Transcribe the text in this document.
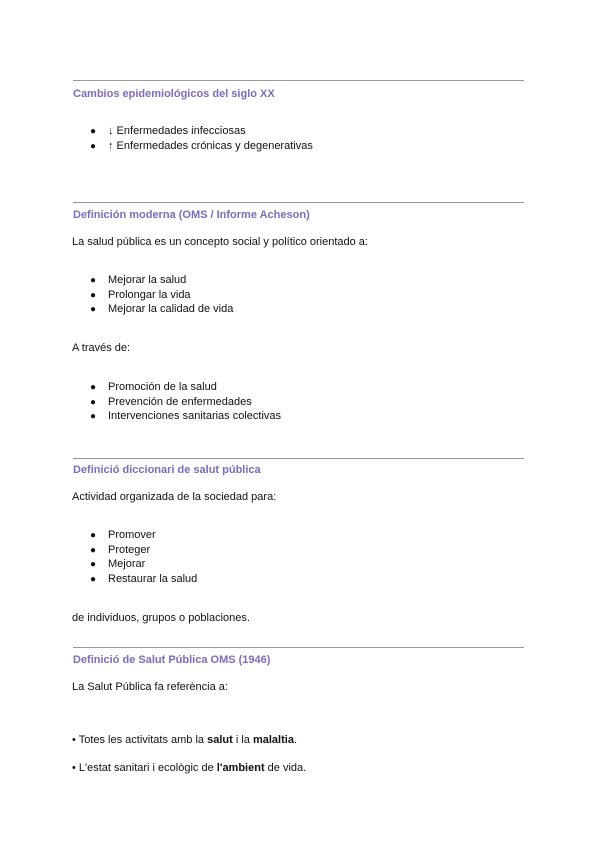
Cambios epidemiológicos del siglo XX
● ↓ Enfermedades infecciosas
● ↑ Enfermedades crónicas y degenerativas
Definición moderna (OMS / Informe Acheson)
La salud pública es un concepto social y político orientado a:
● Mejorar la salud
● Prolongar la vida
● Mejorar la calidad de vida
A través de:
● Promoción de la salud
● Prevención de enfermedades
● Intervenciones sanitarias colectivas
Definició diccionari de salut pública
Actividad organizada de la sociedad para:
● Promover
● Proteger
● Mejorar
● Restaurar la salud
de individuos, grupos o poblaciones.
Definició de Salut Pública OMS (1946)
La Salut Pública fa referència a:
• Totes les activitats amb la salut i la malaltia.
• L'estat sanitari i ecològic de l'ambient de vida.
